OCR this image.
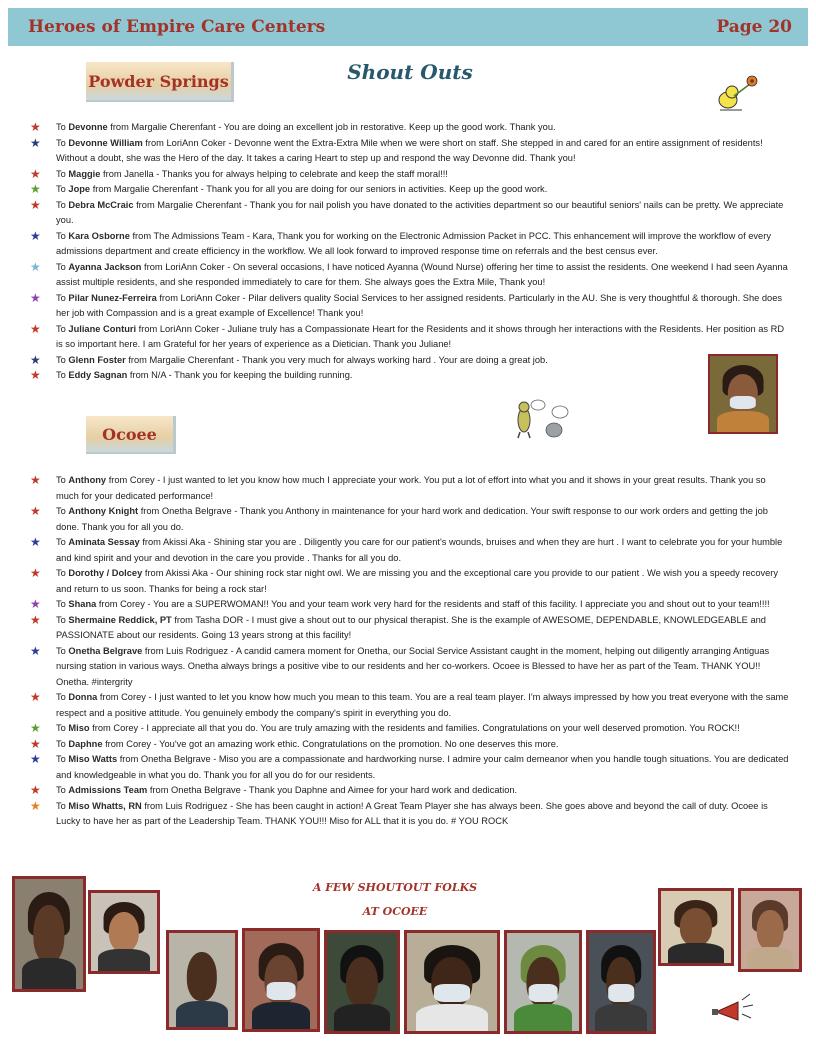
Heroes of Empire Care Centers	Page 20
Powder Springs	Shout Outs
★ To Devonne from Margalie Cherenfant - You are doing an excellent job in restorative. Keep up the good work. Thank you.
★ To Devonne William from LoriAnn Coker - Devonne went the Extra-Extra Mile when we were short on staff. She stepped in and cared for an entire assignment of residents! Without a doubt, she was the Hero of the day. It takes a caring Heart to step up and respond the way Devonne did. Thank you!
★ To Maggie from Janella - Thanks you for always helping to celebrate and keep the staff moral!!!
★ To Jope from Margalie Cherenfant - Thank you for all you are doing for our seniors in activities. Keep up the good work.
★ To Debra McCraic from Margalie Cherenfant - Thank you for nail polish you have donated to the activities department so our beautiful seniors' nails can be pretty. We appreciate you.
★ To Kara Osborne from The Admissions Team - Kara, Thank you for working on the Electronic Admission Packet in PCC. This enhancement will improve the workflow of every admissions department and create efficiency in the workflow. We all look forward to improved response time on referrals and the best census ever.
★ To Ayanna Jackson from LoriAnn Coker - On several occasions, I have noticed Ayanna (Wound Nurse) offering her time to assist the residents. One weekend I had seen Ayanna assist multiple residents, and she responded immediately to care for them. She always goes the Extra Mile, Thank you!
★ To Pilar Nunez-Ferreira from LoriAnn Coker - Pilar delivers quality Social Services to her assigned residents. Particularly in the AU. She is very thoughtful & thorough. She does her job with Compassion and is a great example of Excellence! Thank you!
★ To Juliane Conturi from LoriAnn Coker - Juliane truly has a Compassionate Heart for the Residents and it shows through her interactions with the Residents. Her position as RD is so important here. I am Grateful for her years of experience as a Dietician. Thank you Juliane!
★ To Glenn Foster from Margalie Cherenfant - Thank you very much for always working hard . Your are doing a great job.
★ To Eddy Sagnan from N/A - Thank you for keeping the building running.
Ocoee
★ To Anthony from Corey - I just wanted to let you know how much I appreciate your work. You put a lot of effort into what you and it shows in your great results. Thank you so much for your dedicated performance!
★ To Anthony Knight from Onetha Belgrave - Thank you Anthony in maintenance for your hard work and dedication. Your swift response to our work orders and getting the job done. Thank you for all you do.
★ To Aminata Sessay from Akissi Aka - Shining star you are . Diligently you care for our patient's wounds, bruises and when they are hurt . I want to celebrate you for your humble and kind spirit and your and devotion in the care you provide . Thanks for all you do.
★ To Dorothy / Dolcey from Akissi Aka - Our shining rock star night owl. We are missing you and the exceptional care you provide to our patient . We wish you a speedy recovery and return to us soon. Thanks for being a rock star!
★ To Shana from Corey - You are a SUPERWOMAN!! You and your team work very hard for the residents and staff of this facility. I appreciate you and shout out to your team!!!!
★ To Shermaine Reddick, PT from Tasha DOR - I must give a shout out to our physical therapist. She is the example of AWESOME, DEPENDABLE, KNOWLEDGEABLE and PASSIONATE about our residents. Going 13 years strong at this facility!
★ To Onetha Belgrave from Luis Rodriguez - A candid camera moment for Onetha, our Social Service Assistant caught in the moment, helping out diligently arranging Antiguas nursing station in various ways. Onetha always brings a positive vibe to our residents and her co-workers. Ocoee is Blessed to have her as part of the Team. THANK YOU!! Onetha. #intergrity
★ To Donna from Corey - I just wanted to let you know how much you mean to this team. You are a real team player. I'm always impressed by how you treat everyone with the same respect and a positive attitude. You genuinely embody the company's spirit in everything you do.
★ To Miso from Corey - I appreciate all that you do. You are truly amazing with the residents and families. Congratulations on your well deserved promotion. You ROCK!!
★ To Daphne from Corey - You've got an amazing work ethic. Congratulations on the promotion. No one deserves this more.
★ To Miso Watts from Onetha Belgrave - Miso you are a compassionate and hardworking nurse. I admire your calm demeanor when you handle tough situations. You are dedicated and knowledgeable in what you do. Thank you for all you do for our residents.
★ To Admissions Team from Onetha Belgrave - Thank you Daphne and Aimee for your hard work and dedication.
★ To Miso Whatts, RN from Luis Rodriguez - She has been caught in action! A Great Team Player she has always been. She goes above and beyond the call of duty. Ocoee is Lucky to have her as part of the Leadership Team. THANK YOU!!! Miso for ALL that it is you do. # YOU ROCK
A FEW SHOUTOUT FOLKS
AT OCOEE
